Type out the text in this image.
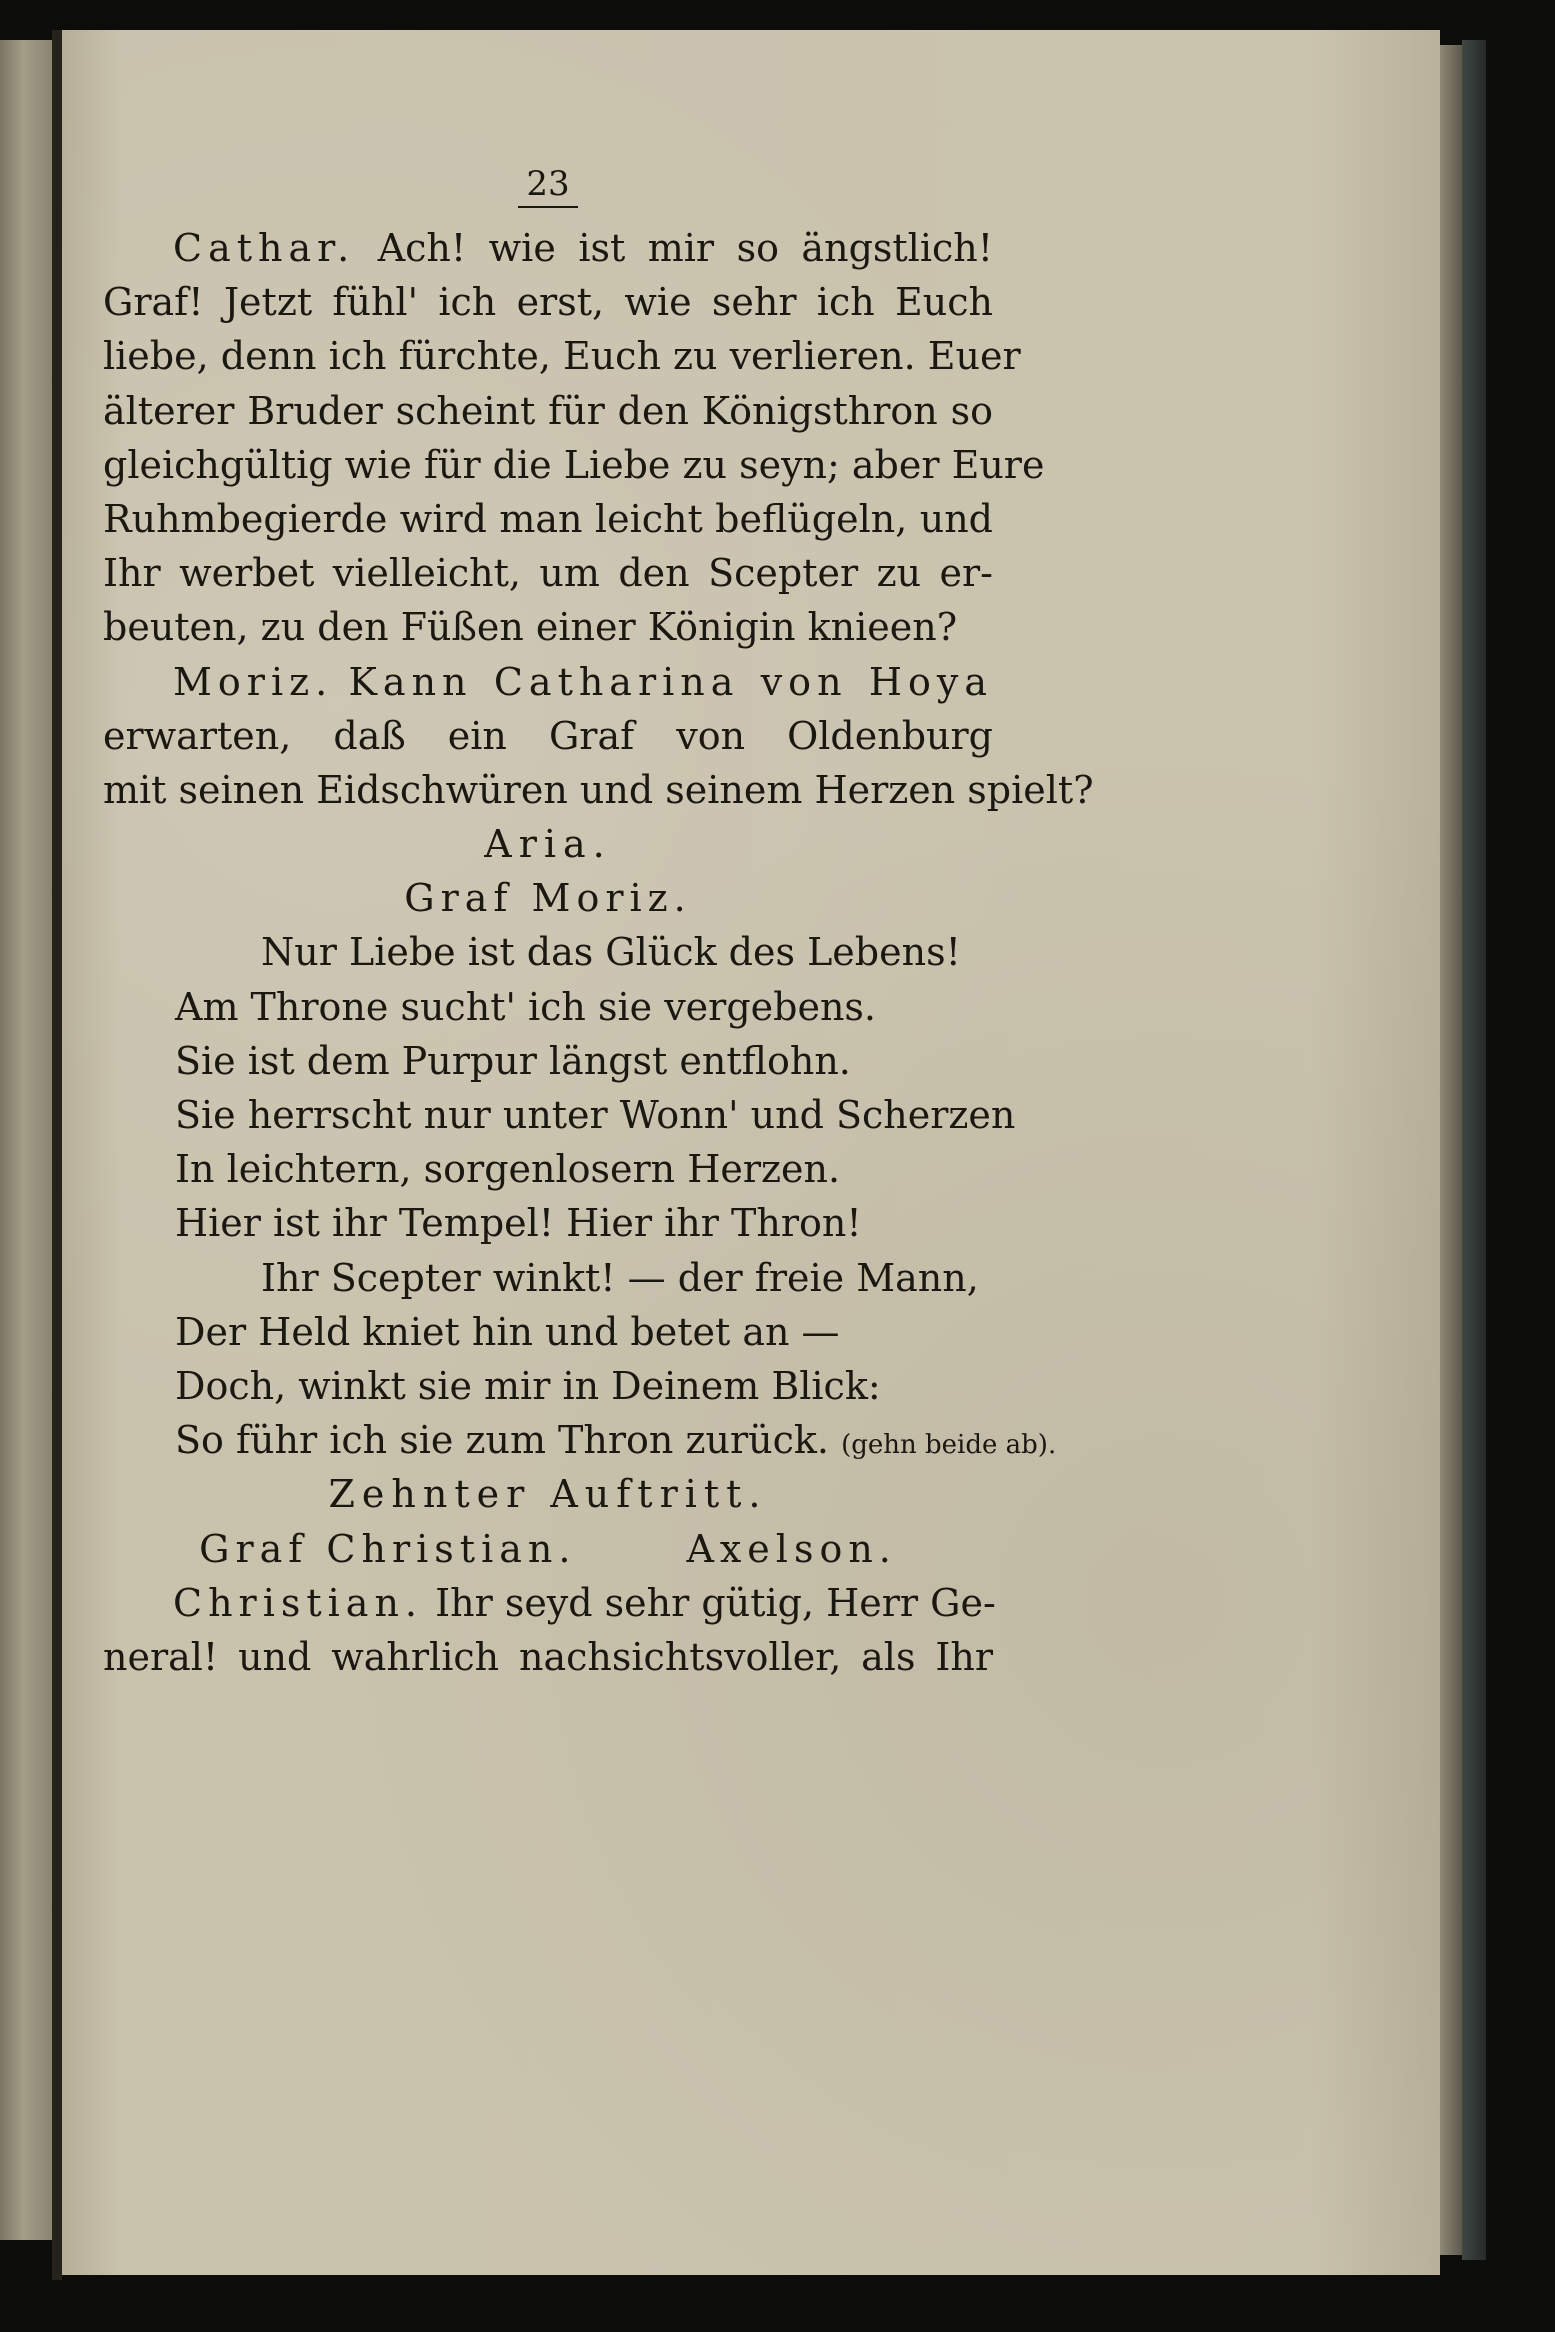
23
Cathar. Ach! wie ist mir so ängstlich!
Graf! Jetzt fühl' ich erst, wie sehr ich Euch
liebe, denn ich fürchte, Euch zu verlieren. Euer
älterer Bruder scheint für den Königsthron so
gleichgültig wie für die Liebe zu seyn; aber Eure
Ruhmbegierde wird man leicht beflügeln, und
Ihr werbet vielleicht, um den Scepter zu er-
beuten, zu den Füßen einer Königin knieen?
Moriz. Kann Catharina von Hoya
erwarten, daß ein Graf von Oldenburg
mit seinen Eidschwüren und seinem Herzen spielt?
Aria.
Graf Moriz.
Nur Liebe ist das Glück des Lebens!
Am Throne sucht' ich sie vergebens.
Sie ist dem Purpur längst entflohn.
Sie herrscht nur unter Wonn' und Scherzen
In leichtern, sorgenlosern Herzen.
Hier ist ihr Tempel! Hier ihr Thron!
Ihr Scepter winkt! — der freie Mann,
Der Held kniet hin und betet an —
Doch, winkt sie mir in Deinem Blick:
So führ ich sie zum Thron zurück. (gehn beide ab).
Zehnter Auftritt.
Graf Christian.	Axelson.
Christian. Ihr seyd sehr gütig, Herr Ge-
neral! und wahrlich nachsichtsvoller, als Ihr
